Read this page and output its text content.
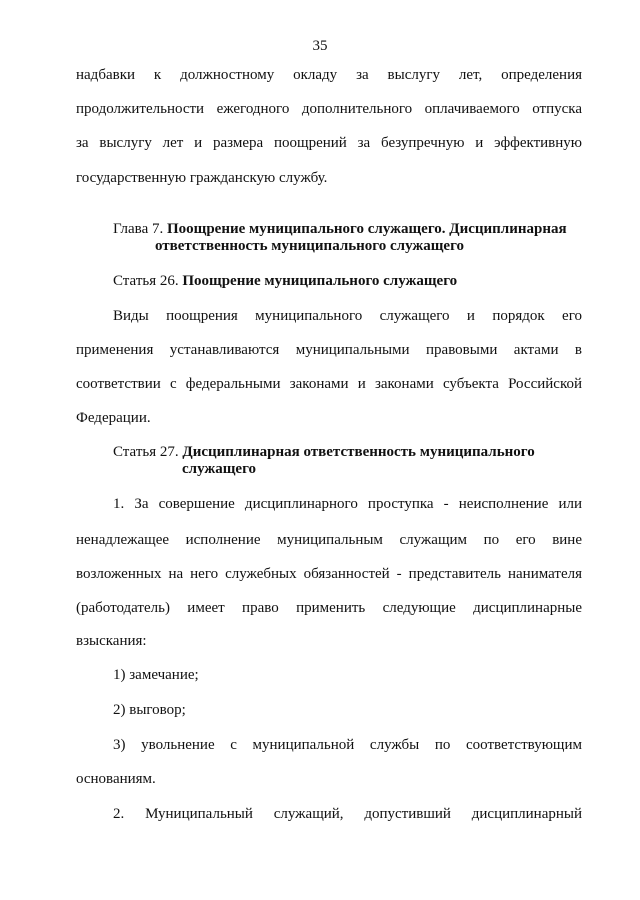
35
надбавки к должностному окладу за выслугу лет, определения
продолжительности ежегодного дополнительного оплачиваемого отпуска
за выслугу лет и размера поощрений за безупречную и эффективную
государственную гражданскую службу.
Глава 7. Поощрение муниципального служащего. Дисциплинарная
ответственность муниципального служащего
Статья 26. Поощрение муниципального служащего
Виды поощрения муниципального служащего и порядок его
применения устанавливаются муниципальными правовыми актами в
соответствии с федеральными законами и законами субъекта Российской
Федерации.
Статья 27. Дисциплинарная ответственность муниципального
служащего
1. За совершение дисциплинарного проступка - неисполнение или
ненадлежащее исполнение муниципальным служащим по его вине
возложенных на него служебных обязанностей - представитель нанимателя
(работодатель) имеет право применить следующие дисциплинарные
взыскания:
1) замечание;
2) выговор;
3) увольнение с муниципальной службы по соответствующим
основаниям.
2. Муниципальный служащий, допустивший дисциплинарный
